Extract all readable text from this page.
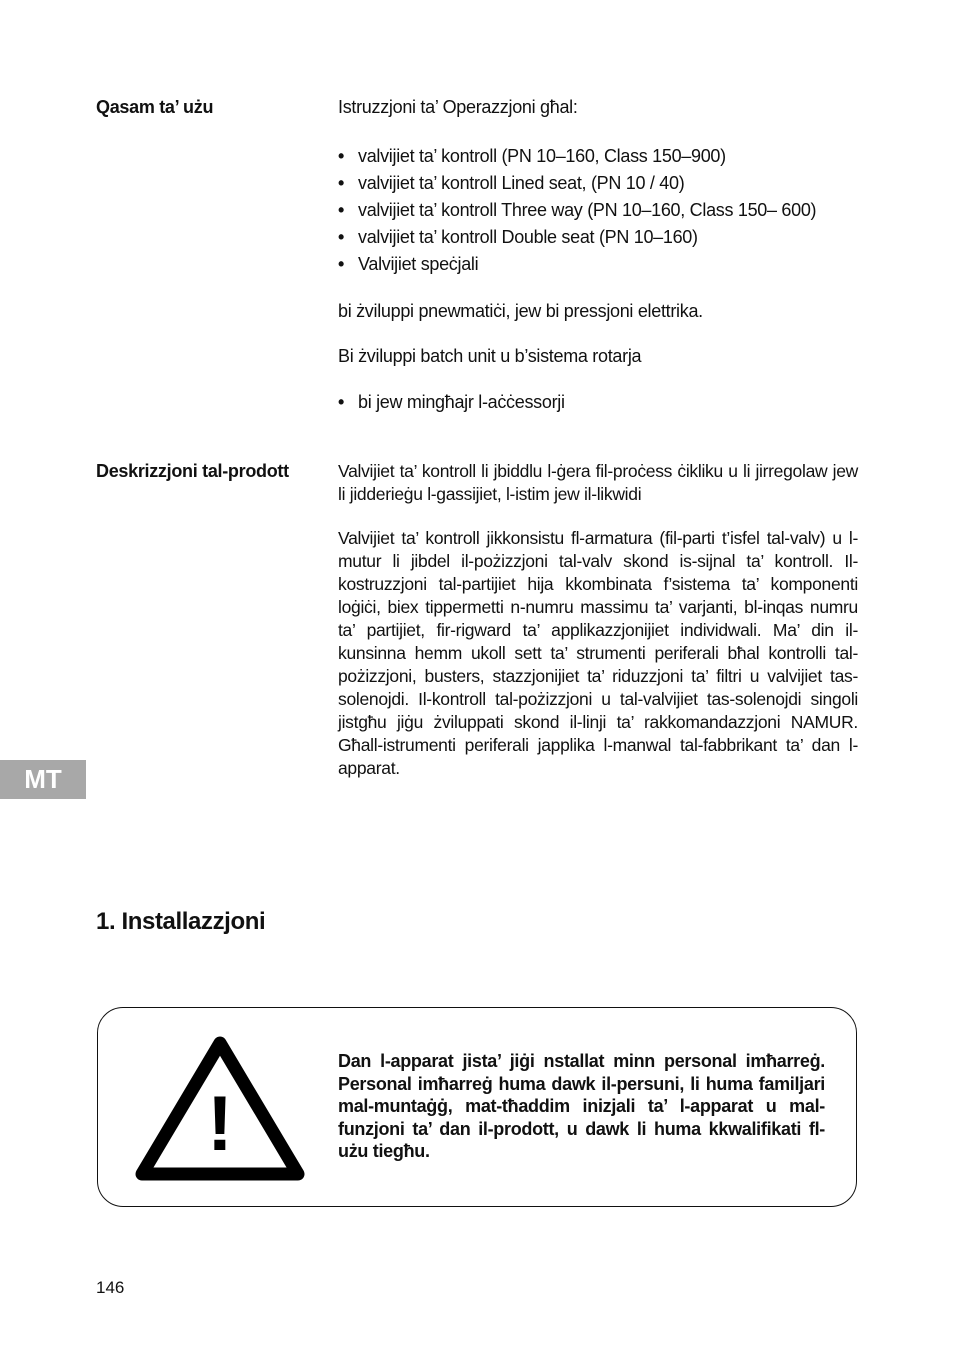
Qasam ta’ użu	Istruzzjoni ta’ Operazzjoni għal:
• valvijiet ta’ kontroll (PN 10–160, Class 150–900)
• valvijiet ta’ kontroll Lined seat, (PN 10 / 40)
• valvijiet ta’ kontroll Three way (PN 10–160, Class 150– 600)
• valvijiet ta’ kontroll Double seat (PN 10–160)
• Valvijiet speċjali
bi żviluppi pnewmatiċi, jew bi pressjoni elettrika.
Bi żviluppi batch unit u b’sistema rotarja
• bi jew mingħajr l-aċċessorji
Deskrizzjoni tal-prodott	Valvijiet ta’ kontroll li jbiddlu l-ġera fil-proċess ċikliku u li jirregolaw jew li jidderieġu l-gassijiet, l-istim jew il-likwidi
Valvijiet ta’ kontroll jikkonsistu fl-armatura (fil-parti t’isfel tal-valv) u l-mutur li jibdel il-pożizzjoni tal-valv skond is-sijnal ta’ kontroll. Il-kostruzzjoni tal-partijiet hija kkombinata f’sistema ta’ komponenti loġiċi, biex tippermetti n-numru massimu ta’ varjanti, bl-inqas numru ta’ partijiet, fir-rigward ta’ applikazzjonijiet individwali. Ma’ din il-kunsinna hemm ukoll sett ta’ strumenti periferali bħal kontrolli tal-pożizzjoni, busters, stazzjonijiet ta’ riduzzjoni ta’ filtri u valvijiet tas-solenojdi. Il-kontroll tal-pożizzjoni u tal-valvijiet tas-solenojdi singoli jistgħu jiġu żviluppati skond il-linji ta’ rakkomandazzjoni NAMUR. Għall-istrumenti periferali japplika l-manwal tal-fabbrikant ta’ dan l-apparat.
MT
1. Installazzjoni
!
Dan l-apparat jista’ jiġi nstallat minn personal imħarreġ. Personal imħarreġ huma dawk il-persuni, li huma familjari mal-muntaġġ, mat-tħaddim inizjali ta’ l-apparat u mal-funzjoni ta’ dan il-prodott, u dawk li huma kkwalifikati fl-użu tiegħu.
146
